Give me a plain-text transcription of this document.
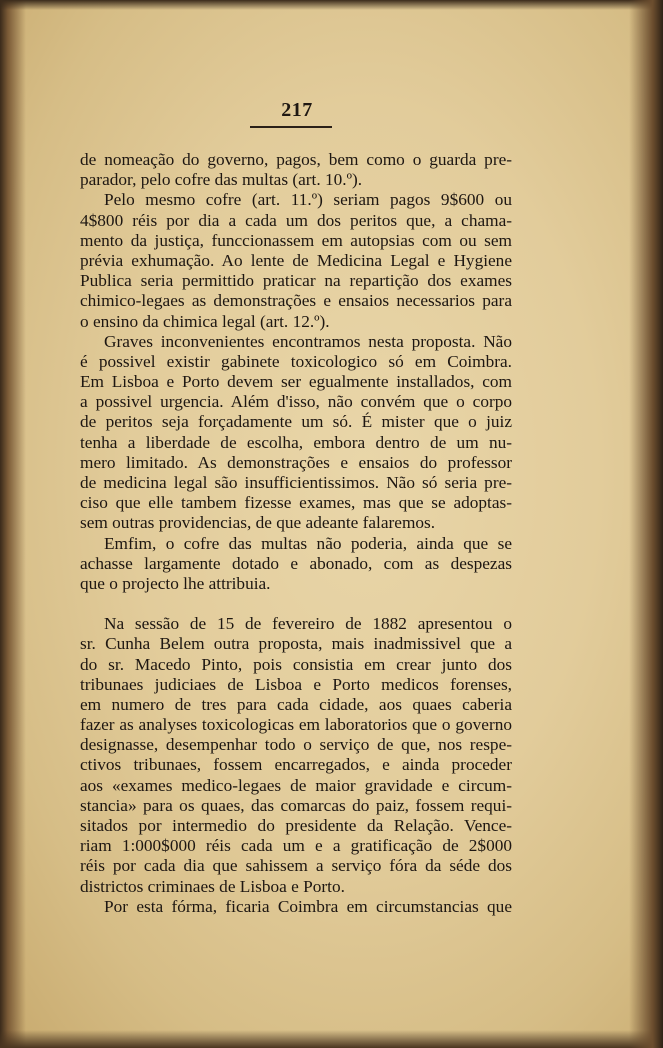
217
de nomeação do governo, pagos, bem como o guarda pre-
parador, pelo cofre das multas (art. 10.º).
Pelo mesmo cofre (art. 11.º) seriam pagos 9$600 ou
4$800 réis por dia a cada um dos peritos que, a chama-
mento da justiça, funccionassem em autopsias com ou sem
prévia exhumação. Ao lente de Medicina Legal e Hygiene
Publica seria permittido praticar na repartição dos exames
chimico-legaes as demonstrações e ensaios necessarios para
o ensino da chimica legal (art. 12.º).
Graves inconvenientes encontramos nesta proposta. Não
é possivel existir gabinete toxicologico só em Coimbra.
Em Lisboa e Porto devem ser egualmente installados, com
a possivel urgencia. Além d'isso, não convém que o corpo
de peritos seja forçadamente um só. É mister que o juiz
tenha a liberdade de escolha, embora dentro de um nu-
mero limitado. As demonstrações e ensaios do professor
de medicina legal são insufficientissimos. Não só seria pre-
ciso que elle tambem fizesse exames, mas que se adoptas-
sem outras providencias, de que adeante falaremos.
Emfim, o cofre das multas não poderia, ainda que se
achasse largamente dotado e abonado, com as despezas
que o projecto lhe attribuia.
Na sessão de 15 de fevereiro de 1882 apresentou o
sr. Cunha Belem outra proposta, mais inadmissivel que a
do sr. Macedo Pinto, pois consistia em crear junto dos
tribunaes judiciaes de Lisboa e Porto medicos forenses,
em numero de tres para cada cidade, aos quaes caberia
fazer as analyses toxicologicas em laboratorios que o governo
designasse, desempenhar todo o serviço de que, nos respe-
ctivos tribunaes, fossem encarregados, e ainda proceder
aos «exames medico-legaes de maior gravidade e circum-
stancia» para os quaes, das comarcas do paiz, fossem requi-
sitados por intermedio do presidente da Relação. Vence-
riam 1:000$000 réis cada um e a gratificação de 2$000
réis por cada dia que sahissem a serviço fóra da séde dos
districtos criminaes de Lisboa e Porto.
Por esta fórma, ficaria Coimbra em circumstancias que
